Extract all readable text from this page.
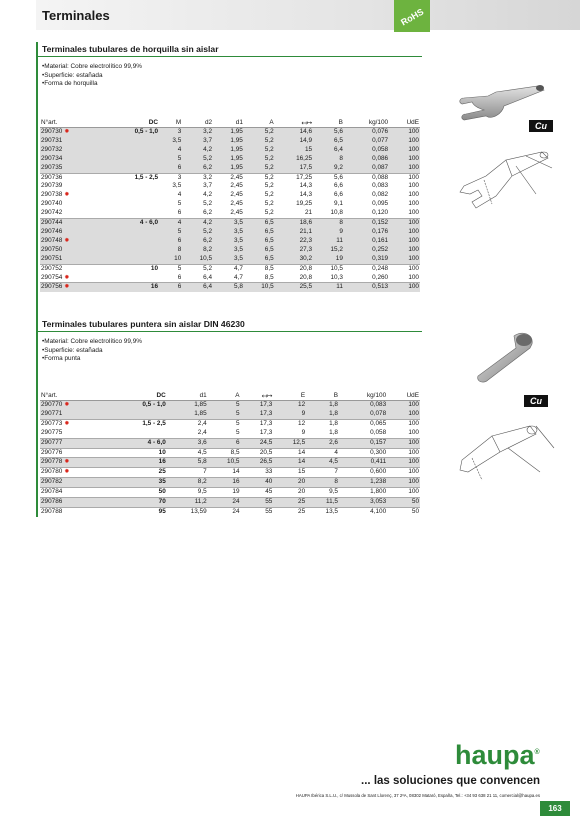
Terminales	RoHS
Terminales tubulares de horquilla sin aislar
• Material: Cobre electrolítico 99,9%
• Superficie: estañada
• Forma de horquilla
N°art.	DC	M	d2	d1	A	↤↦	B	kg/100	UdE
290730 ✹	0,5 - 1,0	3	3,2	1,95	5,2	14,6	5,6	0,076	100
290731		3,5	3,7	1,95	5,2	14,9	6,5	0,077	100
290732		4	4,2	1,95	5,2	15	6,4	0,058	100
290734		5	5,2	1,95	5,2	16,25	8	0,086	100
290735		6	6,2	1,95	5,2	17,5	9,2	0,087	100
290736	1,5 - 2,5	3	3,2	2,45	5,2	17,25	5,6	0,088	100
290739		3,5	3,7	2,45	5,2	14,3	6,6	0,083	100
290738 ✹		4	4,2	2,45	5,2	14,3	6,6	0,082	100
290740		5	5,2	2,45	5,2	19,25	9,1	0,095	100
290742		6	6,2	2,45	5,2	21	10,8	0,120	100
290744	4 - 6,0	4	4,2	3,5	6,5	18,6	8	0,152	100
290746		5	5,2	3,5	6,5	21,1	9	0,176	100
290748 ✹		6	6,2	3,5	6,5	22,3	11	0,161	100
290750		8	8,2	3,5	6,5	27,3	15,2	0,252	100
290751		10	10,5	3,5	6,5	30,2	19	0,319	100
290752	10	5	5,2	4,7	8,5	20,8	10,5	0,248	100
290754 ✹		6	6,4	4,7	8,5	20,8	10,3	0,260	100
290756 ✹	16	6	6,4	5,8	10,5	25,5	11	0,513	100
Terminales tubulares puntera sin aislar DIN 46230
• Material: Cobre electrolítico 99,9%
• Superficie: estañada
• Forma punta
N°art.	DC	d1	A	↤↦	E	B	kg/100	UdE
290770 ✹	0,5 - 1,0	1,85	5	17,3	12	1,8	0,083	100
290771		1,85	5	17,3	9	1,8	0,078	100
290773 ✹	1,5 - 2,5	2,4	5	17,3	12	1,8	0,065	100
290775		2,4	5	17,3	9	1,8	0,058	100
290777	4 - 6,0	3,6	6	24,5	12,5	2,6	0,157	100
290776	10	4,5	8,5	20,5	14	4	0,300	100
290778 ✹	16	5,8	10,5	26,5	14	4,5	0,411	100
290780 ✹	25	7	14	33	15	7	0,600	100
290782	35	8,2	16	40	20	8	1,238	100
290784	50	9,5	19	45	20	9,5	1,800	100
290786	70	11,2	24	55	25	11,5	3,053	50
290788	95	13,59	24	55	25	13,5	4,100	50
Cu
Cu
haupa®
... las soluciones que convencen
HAUPA Ibérica S.L.U., c/ Mussola de Sant Llorenç, 37 2ºA, 08302 Mataró, España, Tel.: +34 93 638 21 11, comercial@haupa.es
163
